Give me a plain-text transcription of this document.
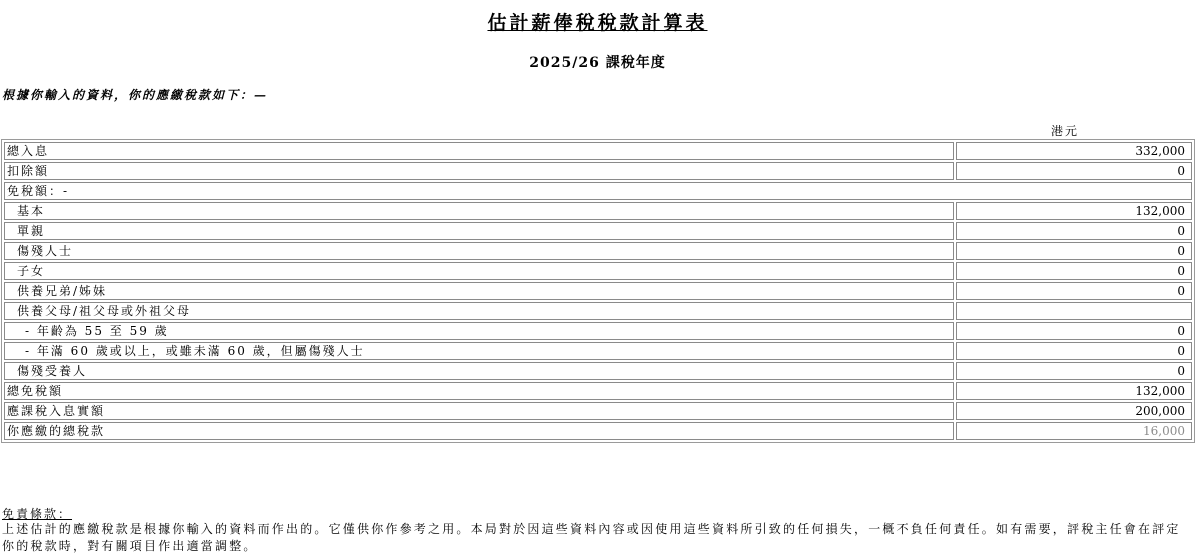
估計薪俸稅稅款計算表
2025/26 課稅年度
根據你輸入的資料，你的應繳稅款如下：—
港元
總入息	332,000
扣除額	0
免稅額：-	
基本	132,000
單親	0
傷殘人士	0
子女	0
供養兄弟/姊妹	0
供養父母/祖父母或外祖父母	
- 年齡為 55 至 59 歲	0
- 年滿 60 歲或以上，或雖未滿 60 歲，但屬傷殘人士	0
傷殘受養人	0
總免稅額	132,000
應課稅入息實額	200,000
你應繳的總稅款	16,000
免責條款：
上述估計的應繳稅款是根據你輸入的資料而作出的。它僅供你作參考之用。本局對於因這些資料內容或因使用這些資料所引致的任何損失，一概不負任何責任。如有需要，評稅主任會在評定你的稅款時，對有關項目作出適當調整。
